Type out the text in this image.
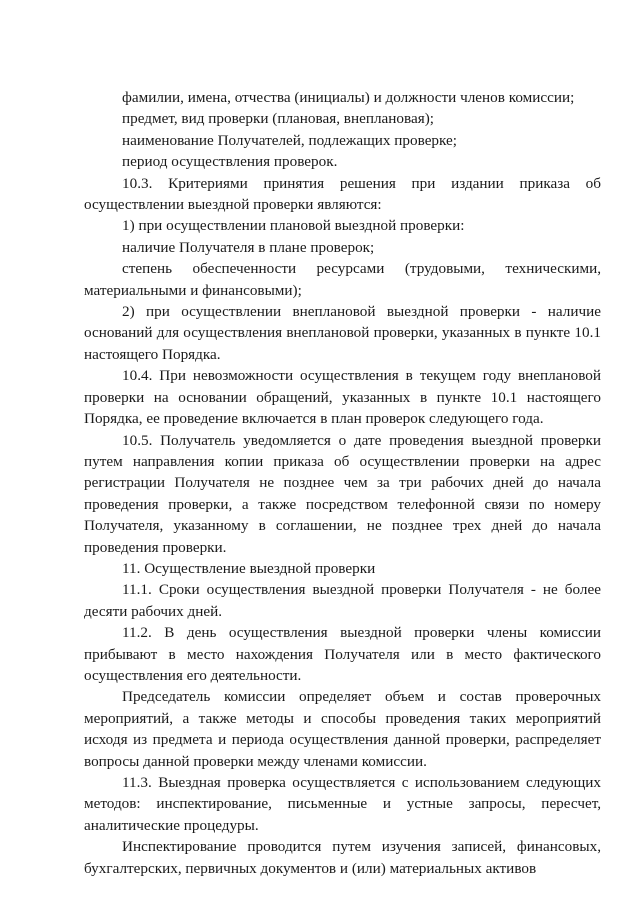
фамилии, имена, отчества (инициалы) и должности членов комиссии;

предмет, вид проверки (плановая, внеплановая);

наименование Получателей, подлежащих проверке;

период осуществления проверок.

10.3. Критериями принятия решения при издании приказа об осуществлении выездной проверки являются:

1) при осуществлении плановой выездной проверки:

наличие Получателя в плане проверок;

степень обеспеченности ресурсами (трудовыми, техническими, материальными и финансовыми);

2) при осуществлении внеплановой выездной проверки - наличие оснований для осуществления внеплановой проверки, указанных в пункте 10.1 настоящего Порядка.

10.4. При невозможности осуществления в текущем году внеплановой проверки на основании обращений, указанных в пункте 10.1 настоящего Порядка, ее проведение включается в план проверок следующего года.

10.5. Получатель уведомляется о дате проведения выездной проверки путем направления копии приказа об осуществлении проверки на адрес регистрации Получателя не позднее чем за три рабочих дней до начала проведения проверки, а также посредством телефонной связи по номеру Получателя, указанному в соглашении, не позднее трех дней до начала проведения проверки.

11. Осуществление выездной проверки

11.1. Сроки осуществления выездной проверки Получателя - не более десяти рабочих дней.

11.2. В день осуществления выездной проверки члены комиссии прибывают в место нахождения Получателя или в место фактического осуществления его деятельности.

Председатель комиссии определяет объем и состав проверочных мероприятий, а также методы и способы проведения таких мероприятий исходя из предмета и периода осуществления данной проверки, распределяет вопросы данной проверки между членами комиссии.

11.3. Выездная проверка осуществляется с использованием следующих методов: инспектирование, письменные и устные запросы, пересчет, аналитические процедуры.

Инспектирование проводится путем изучения записей, финансовых, бухгалтерских, первичных документов и (или) материальных активов
